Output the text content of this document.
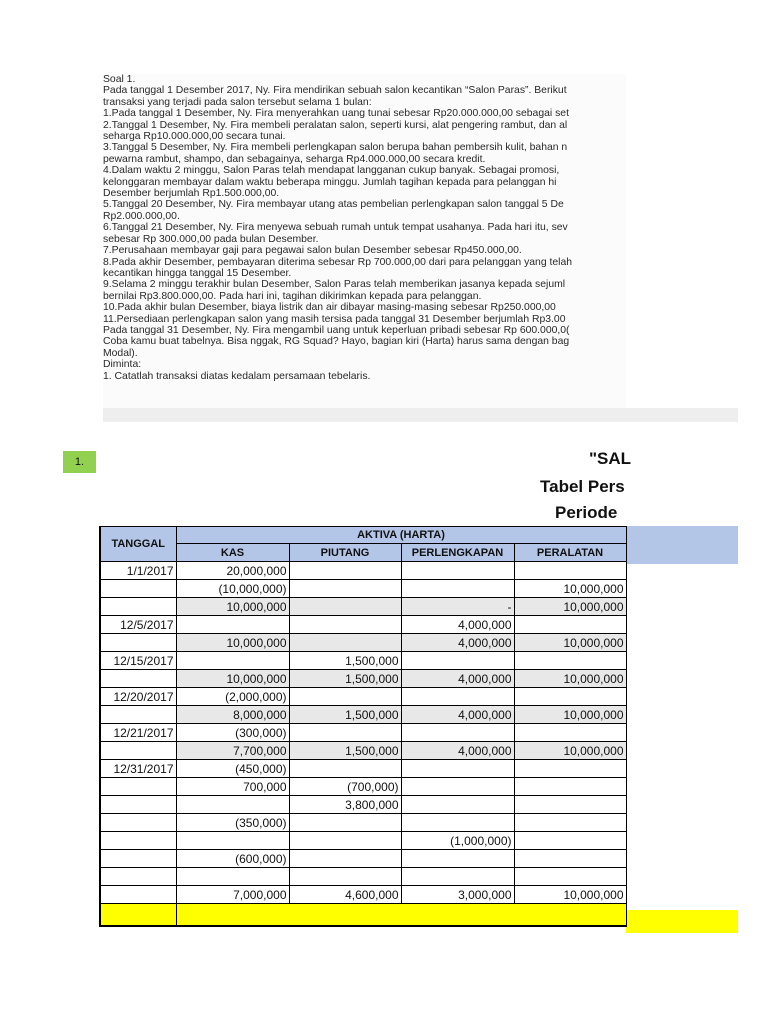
Soal 1.

Pada tanggal 1 Desember 2017, Ny. Fira mendirikan sebuah salon kecantikan “Salon Paras”. Berikut

transaksi yang terjadi pada salon tersebut selama 1 bulan:

1.Pada tanggal 1 Desember, Ny. Fira menyerahkan uang tunai sebesar Rp20.000.000,00 sebagai set

2.Tanggal 1 Desember, Ny. Fira membeli peralatan salon, seperti kursi, alat pengering rambut, dan al

seharga Rp10.000.000,00 secara tunai.

3.Tanggal 5 Desember, Ny. Fira membeli perlengkapan salon berupa bahan pembersih kulit, bahan n

pewarna rambut, shampo, dan sebagainya, seharga Rp4.000.000,00 secara kredit.

4.Dalam waktu 2 minggu, Salon Paras telah mendapat langganan cukup banyak. Sebagai promosi,

kelonggaran membayar dalam waktu beberapa minggu. Jumlah tagihan kepada para pelanggan hi

Desember berjumlah Rp1.500.000,00.

5.Tanggal 20 Desember, Ny. Fira membayar utang atas pembelian perlengkapan salon tanggal 5 De

Rp2.000.000,00.

6.Tanggal 21 Desember, Ny. Fira menyewa sebuah rumah untuk tempat usahanya. Pada hari itu, sev

sebesar Rp 300.000,00 pada bulan Desember.

7.Perusahaan membayar gaji para pegawai salon bulan Desember sebesar Rp450.000,00.

8.Pada akhir Desember, pembayaran diterima sebesar Rp 700.000,00 dari para pelanggan yang telah

kecantikan hingga tanggal 15 Desember.

9.Selama 2 minggu terakhir bulan Desember, Salon Paras telah memberikan jasanya kepada sejuml

bernilai Rp3.800.000,00. Pada hari ini, tagihan dikirimkan kepada para pelanggan.

10.Pada akhir bulan Desember, biaya listrik dan air dibayar masing-masing sebesar Rp250.000,00

11.Persediaan perlengkapan salon yang masih tersisa pada tanggal 31 Desember berjumlah Rp3.00

Pada tanggal 31 Desember, Ny. Fira mengambil uang untuk keperluan pribadi sebesar Rp 600.000,0(

Coba kamu buat tabelnya. Bisa nggak, RG Squad? Hayo, bagian kiri (Harta) harus sama dengan bag

Modal).

Diminta:

1. Catatlah transaksi diatas kedalam persamaan tebelaris.

1.	"SAL
Tabel Pers
Periode
TANGGAL	AKTIVA (HARTA)			
	KAS	PIUTANG	PERLENGKAPAN	PERALATAN
1/1/2017	20,000,000			
	(10,000,000)			10,000,000
	10,000,000		-	10,000,000
12/5/2017			4,000,000	
	10,000,000		4,000,000	10,000,000
12/15/2017		1,500,000		
	10,000,000	1,500,000	4,000,000	10,000,000
12/20/2017	(2,000,000)			
	8,000,000	1,500,000	4,000,000	10,000,000
12/21/2017	(300,000)			
	7,700,000	1,500,000	4,000,000	10,000,000
12/31/2017	(450,000)			
	700,000	(700,000)		
		3,800,000		
	(350,000)			
			(1,000,000)	
	(600,000)			

	7,000,000	4,600,000	3,000,000	10,000,000
